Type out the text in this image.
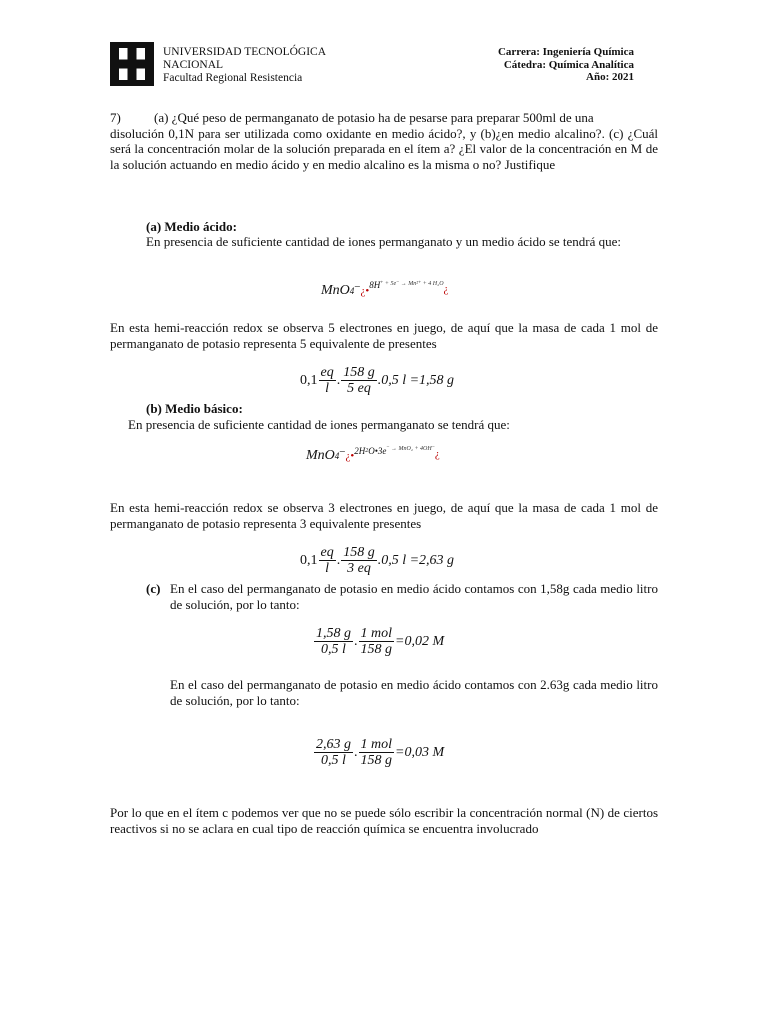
UNIVERSIDAD TECNOLÓGICA
NACIONAL
Facultad Regional Resistencia
Carrera: Ingeniería Química
Cátedra: Química Analítica
Año: 2021
7)	(a) ¿Qué peso de permanganato de potasio ha de pesarse para preparar 500ml de una
disolución 0,1N para ser utilizada como oxidante en medio ácido?, y (b)¿en medio alcalino?. (c) ¿Cuál será la concentración molar de la solución preparada en el ítem a? ¿El valor de la concentración en M de la solución actuando en medio ácido y en medio alcalino es la misma o no? Justifique
(a) Medio ácido:
En presencia de suficiente cantidad de iones permanganato y un medio ácido se tendrá que:
MnO 4− ¿• 8H ⁺ + 5e⁻ → Mn²⁺ + 4 H₂O ¿
En esta hemi-reacción redox se observa 5 electrones en juego, de aquí que la masa de cada 1 mol de permanganato de potasio representa 5 equivalente de presentes
$0,1 \frac{eq}{l}$ . $\frac{158 g}{5 eq} .0,5$ l =1,58 g
(b) Medio básico:
En presencia de suficiente cantidad de iones permanganato se tendrá que:
MnO 4− ¿• $2H_2$ O•3e ⁻ → MnO₂ + 4OH⁻ ¿
En esta hemi-reacción redox se observa 3 electrones en juego, de aquí que la masa de cada 1 mol de permanganato de potasio representa 3 equivalente presentes
$0,1 \frac{eq}{l}$ . $\frac{158 g}{3 eq} .0,5$ l =2,63 g
(c) En el caso del permanganato de potasio en medio ácido contamos con 1,58g cada medio litro de solución, por lo tanto:
$\frac{1,58 g}{0,5 l}$ . $\frac{\text{1 mol}}{158 g} =0,02$ M
En el caso del permanganato de potasio en medio ácido contamos con 2.63g cada medio litro de solución, por lo tanto:
$\frac{2,63 g}{0,5 l}$ . $\frac{\text{1 mol}}{158 g} =0,03$ M
Por lo que en el ítem c podemos ver que no se puede sólo escribir la concentración normal (N) de ciertos reactivos si no se aclara en cual tipo de reacción química se encuentra involucrado
